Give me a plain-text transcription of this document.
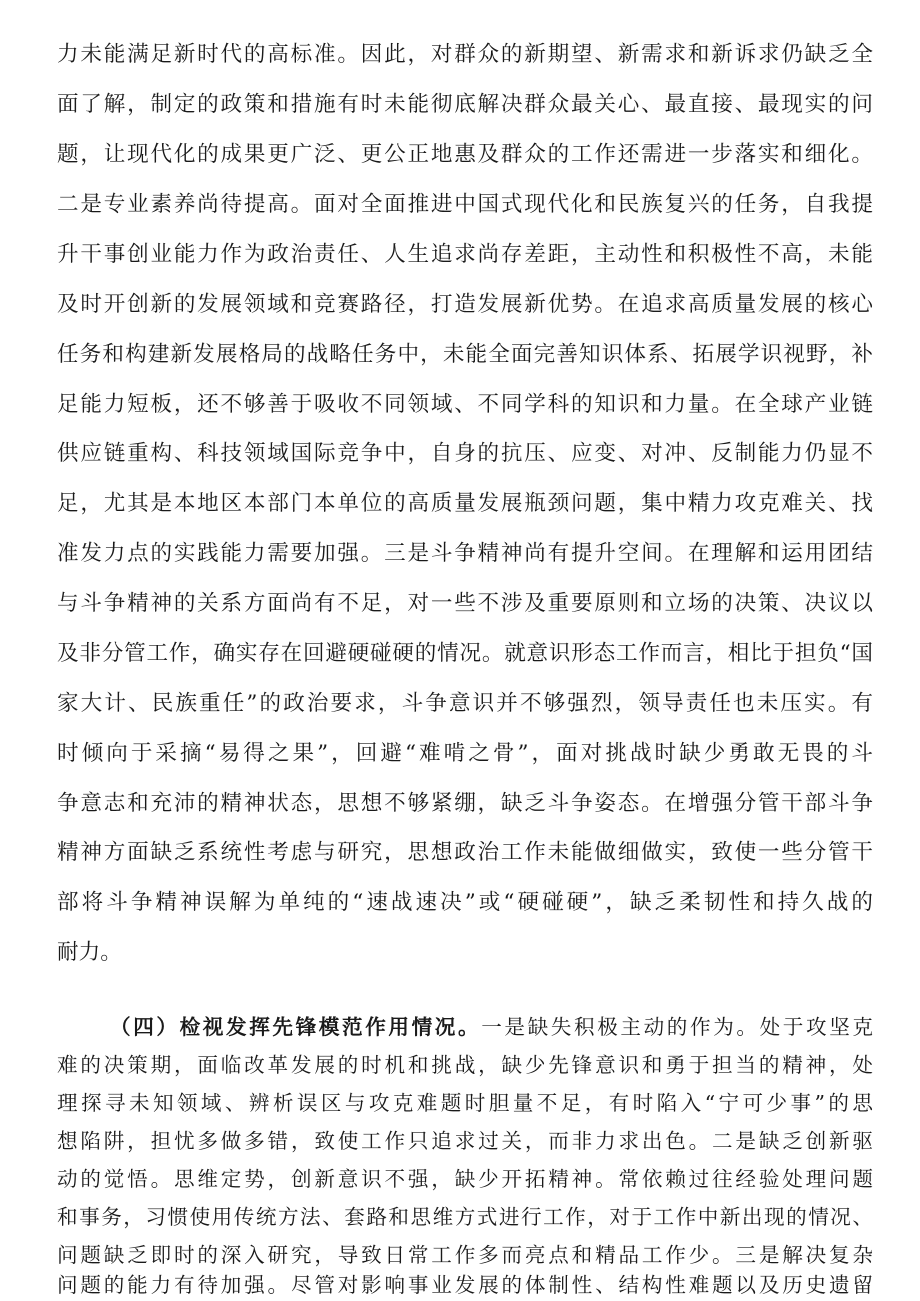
力未能满足新时代的高标准。因此，对群众的新期望、新需求和新诉求仍缺乏全
面了解，制定的政策和措施有时未能彻底解决群众最关心、最直接、最现实的问
题，让现代化的成果更广泛、更公正地惠及群众的工作还需进一步落实和细化。
二是专业素养尚待提高。面对全面推进中国式现代化和民族复兴的任务，自我提
升干事创业能力作为政治责任、人生追求尚存差距，主动性和积极性不高，未能
及时开创新的发展领域和竞赛路径，打造发展新优势。在追求高质量发展的核心
任务和构建新发展格局的战略任务中，未能全面完善知识体系、拓展学识视野，补
足能力短板，还不够善于吸收不同领域、不同学科的知识和力量。在全球产业链
供应链重构、科技领域国际竞争中，自身的抗压、应变、对冲、反制能力仍显不
足，尤其是本地区本部门本单位的高质量发展瓶颈问题，集中精力攻克难关、找
准发力点的实践能力需要加强。三是斗争精神尚有提升空间。在理解和运用团结
与斗争精神的关系方面尚有不足，对一些不涉及重要原则和立场的决策、决议以
及非分管工作，确实存在回避硬碰硬的情况。就意识形态工作而言，相比于担负“国
家大计、民族重任”的政治要求，斗争意识并不够强烈，领导责任也未压实。有
时倾向于采摘“易得之果”，回避“难啃之骨”，面对挑战时缺少勇敢无畏的斗
争意志和充沛的精神状态，思想不够紧绷，缺乏斗争姿态。在增强分管干部斗争
精神方面缺乏系统性考虑与研究，思想政治工作未能做细做实，致使一些分管干
部将斗争精神误解为单纯的“速战速决”或“硬碰硬”，缺乏柔韧性和持久战的
耐力。
（四）检视发挥先锋模范作用情况。一是缺失积极主动的作为。处于攻坚克
难的决策期，面临改革发展的时机和挑战，缺少先锋意识和勇于担当的精神，处
理探寻未知领域、辨析误区与攻克难题时胆量不足，有时陷入“宁可少事”的思
想陷阱，担忧多做多错，致使工作只追求过关，而非力求出色。二是缺乏创新驱
动的觉悟。思维定势，创新意识不强，缺少开拓精神。常依赖过往经验处理问题
和事务，习惯使用传统方法、套路和思维方式进行工作，对于工作中新出现的情况、
问题缺乏即时的深入研究，导致日常工作多而亮点和精品工作少。三是解决复杂
问题的能力有待加强。尽管对影响事业发展的体制性、结构性难题以及历史遗留
